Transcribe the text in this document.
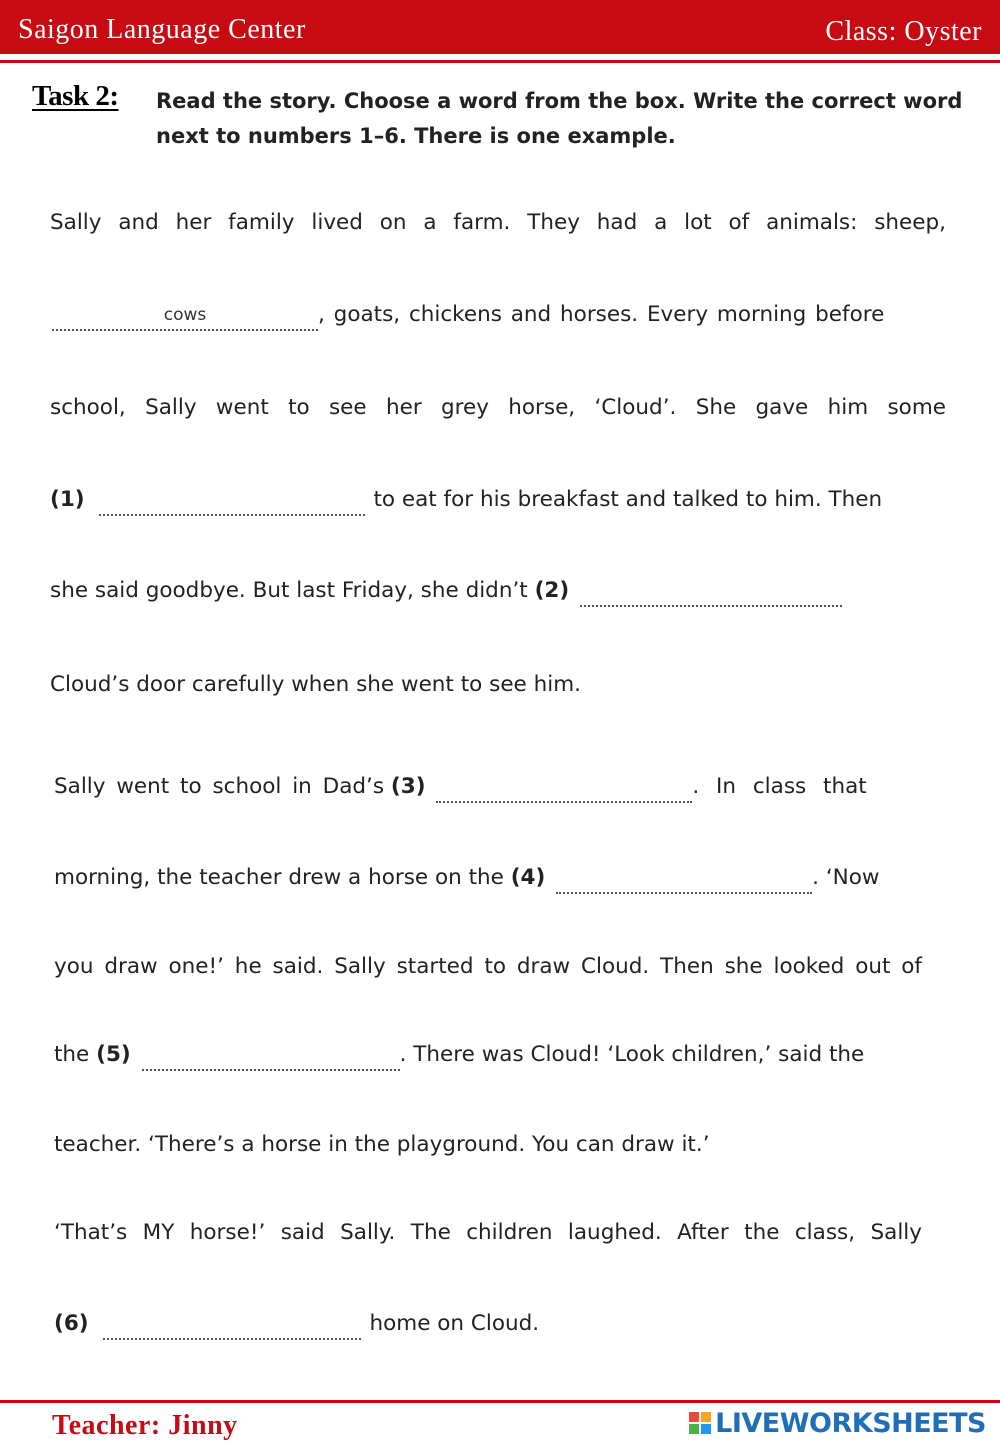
Saigon Language Center	Class: Oyster
Task 2: Read the story. Choose a word from the box. Write the correct word next to numbers 1–6. There is one example.
Sally and her family lived on a farm. They had a lot of animals: sheep,
cows	, goats, chickens and horses. Every morning before
school, Sally went to see her grey horse, ‘Cloud’. She gave him some
(1)	to eat for his breakfast and talked to him. Then
she said goodbye. But last Friday, she didn’t (2)
Cloud’s door carefully when she went to see him.
Sally went to school in Dad’s (3)	. In class that
morning, the teacher drew a horse on the (4)	. ‘Now
you draw one!’ he said. Sally started to draw Cloud. Then she looked out of
the (5)	. There was Cloud! ‘Look children,’ said the
teacher. ‘There’s a horse in the playground. You can draw it.’
‘That’s MY horse!’ said Sally. The children laughed. After the class, Sally
(6)	home on Cloud.
Teacher: Jinny	LIVEWORKSHEETS
